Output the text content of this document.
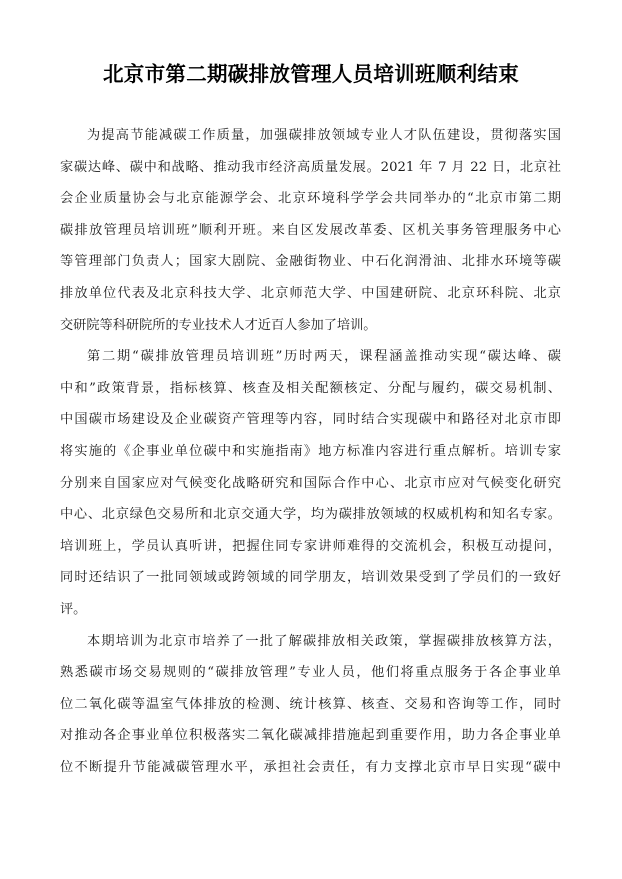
北京市第二期碳排放管理人员培训班顺利结束
为提高节能减碳工作质量，加强碳排放领域专业人才队伍建设，贯彻落实国
家碳达峰、碳中和战略、推动我市经济高质量发展。2021 年 7 月 22 日，北京社
会企业质量协会与北京能源学会、北京环境科学学会共同举办的“北京市第二期
碳排放管理员培训班”顺利开班。来自区发展改革委、区机关事务管理服务中心
等管理部门负责人；国家大剧院、金融街物业、中石化润滑油、北排水环境等碳
排放单位代表及北京科技大学、北京师范大学、中国建研院、北京环科院、北京
交研院等科研院所的专业技术人才近百人参加了培训。
第二期“碳排放管理员培训班”历时两天，课程涵盖推动实现“碳达峰、碳
中和”政策背景，指标核算、核查及相关配额核定、分配与履约，碳交易机制、
中国碳市场建设及企业碳资产管理等内容，同时结合实现碳中和路径对北京市即
将实施的《企事业单位碳中和实施指南》地方标准内容进行重点解析。培训专家
分别来自国家应对气候变化战略研究和国际合作中心、北京市应对气候变化研究
中心、北京绿色交易所和北京交通大学，均为碳排放领域的权威机构和知名专家。
培训班上，学员认真听讲，把握住同专家讲师难得的交流机会，积极互动提问，
同时还结识了一批同领域或跨领域的同学朋友，培训效果受到了学员们的一致好
评。
本期培训为北京市培养了一批了解碳排放相关政策，掌握碳排放核算方法，
熟悉碳市场交易规则的“碳排放管理”专业人员，他们将重点服务于各企事业单
位二氧化碳等温室气体排放的检测、统计核算、核查、交易和咨询等工作，同时
对推动各企事业单位积极落实二氧化碳减排措施起到重要作用，助力各企事业单
位不断提升节能减碳管理水平，承担社会责任，有力支撑北京市早日实现“碳中
